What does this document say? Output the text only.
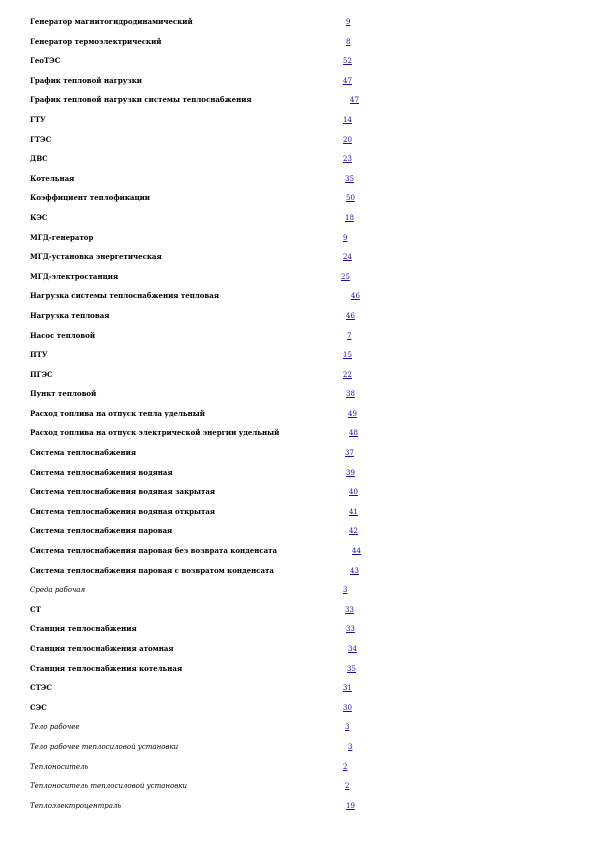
Генератор магнитогидродинамический	9
Генератор термоэлектрический	8
ГеоТЭС	52
График тепловой нагрузки	47
График тепловой нагрузки системы теплоснабжения	47
ГТУ	14
ГТЭС	20
ДВС	23
Котельная	35
Коэффициент теплофикации	50
КЭС	18
МГД-генератор	9
МГД-установка энергетическая	24
МГД-электростанция	25
Нагрузка системы теплоснабжения тепловая	46
Нагрузка тепловая	46
Насос тепловой	7
ПТУ	15
ПГЭС	22
Пункт тепловой	38
Расход топлива на отпуск тепла удельный	49
Расход топлива на отпуск электрической энергии удельный	48
Система теплоснабжения	37
Система теплоснабжения водяная	39
Система теплоснабжения водяная закрытая	40
Система теплоснабжения водяная открытая	41
Система теплоснабжения паровая	42
Система теплоснабжения паровая без возврата конденсата	44
Система теплоснабжения паровая с возвратом конденсата	43
Среда рабочая	3
СТ	33
Станция теплоснабжения	33
Станция теплоснабжения атомная	34
Станция теплоснабжения котельная	35
СТЭС	31
СЭС	30
Тело рабочее	3
Тело рабочее теплосиловой установки	3
Теплоноситель	2
Теплоноситель теплосиловой установки	2
Теплоэлектроцентраль	19
